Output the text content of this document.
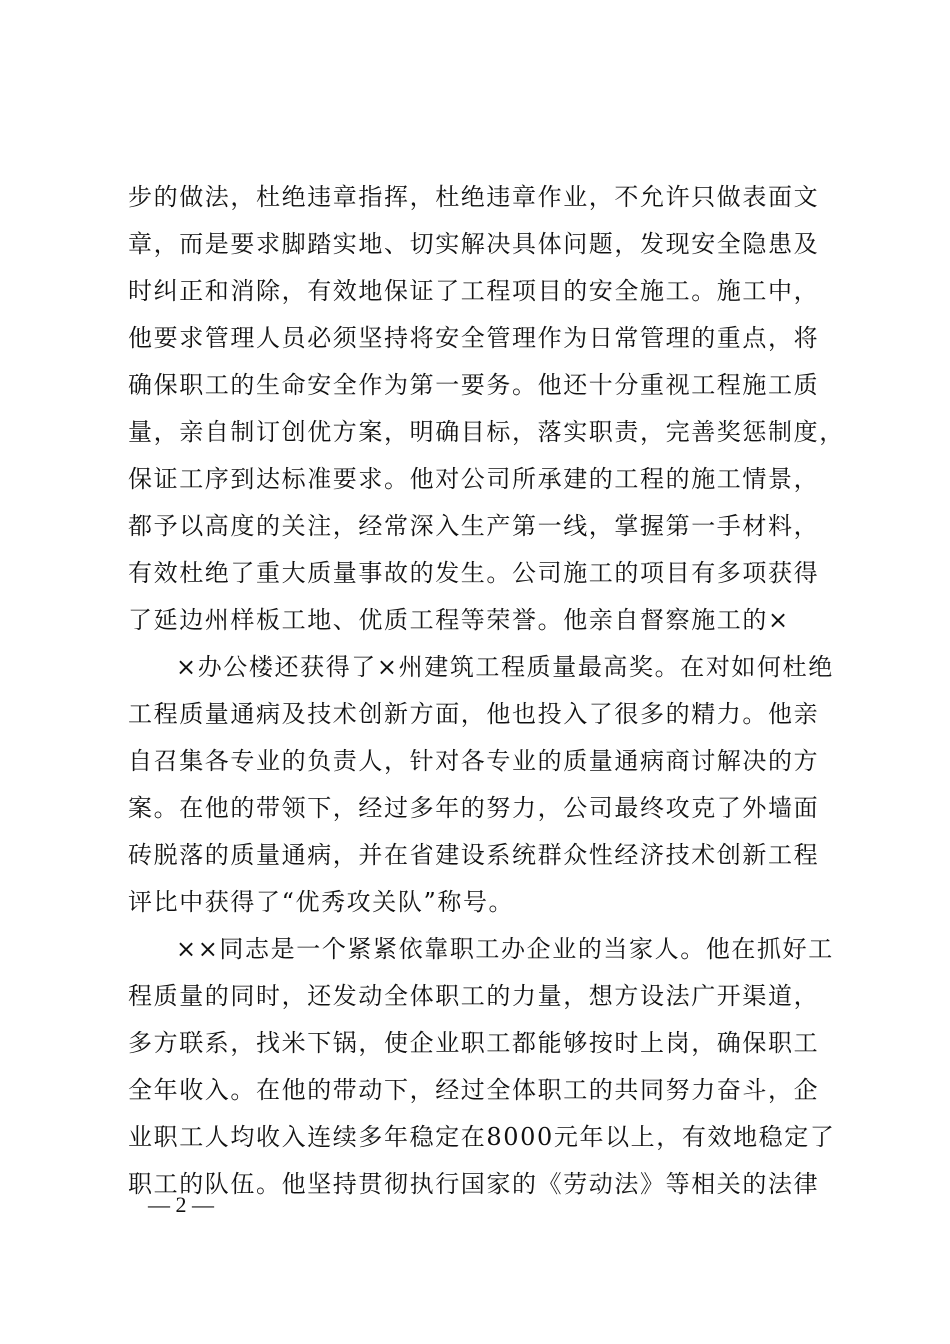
步的做法，杜绝违章指挥，杜绝违章作业，不允许只做表面文
章，而是要求脚踏实地、切实解决具体问题，发现安全隐患及
时纠正和消除，有效地保证了工程项目的安全施工。施工中，
他要求管理人员必须坚持将安全管理作为日常管理的重点，将
确保职工的生命安全作为第一要务。他还十分重视工程施工质
量，亲自制订创优方案，明确目标，落实职责，完善奖惩制度，
保证工序到达标准要求。他对公司所承建的工程的施工情景，
都予以高度的关注，经常深入生产第一线，掌握第一手材料，
有效杜绝了重大质量事故的发生。公司施工的项目有多项获得
了延边州样板工地、优质工程等荣誉。他亲自督察施工的×
×办公楼还获得了×州建筑工程质量最高奖。在对如何杜绝
工程质量通病及技术创新方面，他也投入了很多的精力。他亲
自召集各专业的负责人，针对各专业的质量通病商讨解决的方
案。在他的带领下，经过多年的努力，公司最终攻克了外墙面
砖脱落的质量通病，并在省建设系统群众性经济技术创新工程
评比中获得了“优秀攻关队”称号。
××同志是一个紧紧依靠职工办企业的当家人。他在抓好工
程质量的同时，还发动全体职工的力量，想方设法广开渠道，
多方联系，找米下锅，使企业职工都能够按时上岗，确保职工
全年收入。在他的带动下，经过全体职工的共同努力奋斗，企
业职工人均收入连续多年稳定在8000元年以上，有效地稳定了
职工的队伍。他坚持贯彻执行国家的《劳动法》等相关的法律
— 2 —
